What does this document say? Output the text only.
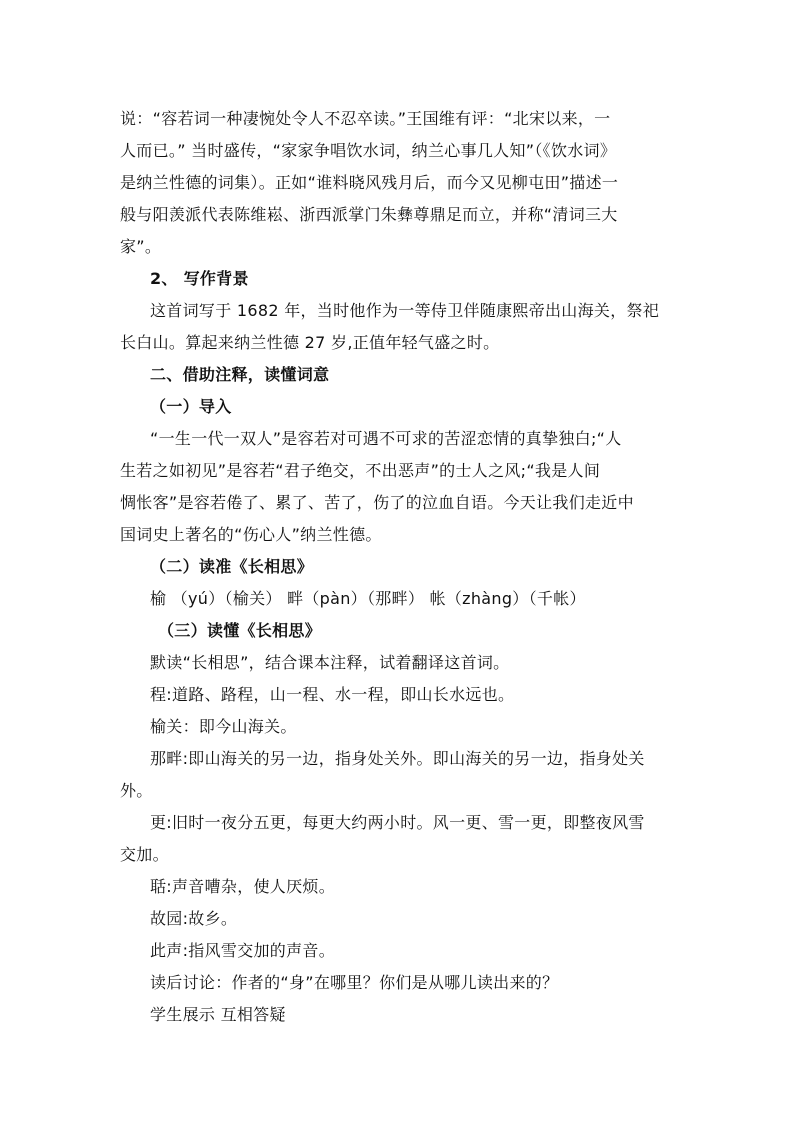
说：“容若词一种凄惋处令人不忍卒读。”王国维有评：“北宋以来，一
人而已。” 当时盛传，“家家争唱饮水词，纳兰心事几人知”（《饮水词》
是纳兰性德的词集）。正如“谁料晓风残月后，而今又见柳屯田”描述一
般与阳羡派代表陈维崧、浙西派掌门朱彝尊鼎足而立，并称“清词三大
家”。
2、 写作背景
这首词写于 1682 年，当时他作为一等侍卫伴随康熙帝出山海关，祭祀
长白山。算起来纳兰性德 27 岁,正值年轻气盛之时。
二、借助注释，读懂词意
（一）导入
“一生一代一双人”是容若对可遇不可求的苦涩恋情的真挚独白;“人
生若之如初见”是容若“君子绝交，不出恶声”的士人之风;“我是人间
惆怅客”是容若倦了、累了、苦了，伤了的泣血自语。今天让我们走近中
国词史上著名的“伤心人”纳兰性德。
（二）读准《长相思》
榆 （yú）（榆关） 畔（pàn）（那畔） 帐（zhàng）（千帐）
（三）读懂《长相思》
默读“长相思”，结合课本注释，试着翻译这首词。
程:道路、路程，山一程、水一程，即山长水远也。
榆关：即今山海关。
那畔:即山海关的另一边，指身处关外。即山海关的另一边，指身处关
外。
更:旧时一夜分五更，每更大约两小时。风一更、雪一更，即整夜风雪
交加。
聒:声音嘈杂，使人厌烦。
故园:故乡。
此声:指风雪交加的声音。
读后讨论：作者的“身”在哪里？你们是从哪儿读出来的？
学生展示 互相答疑
